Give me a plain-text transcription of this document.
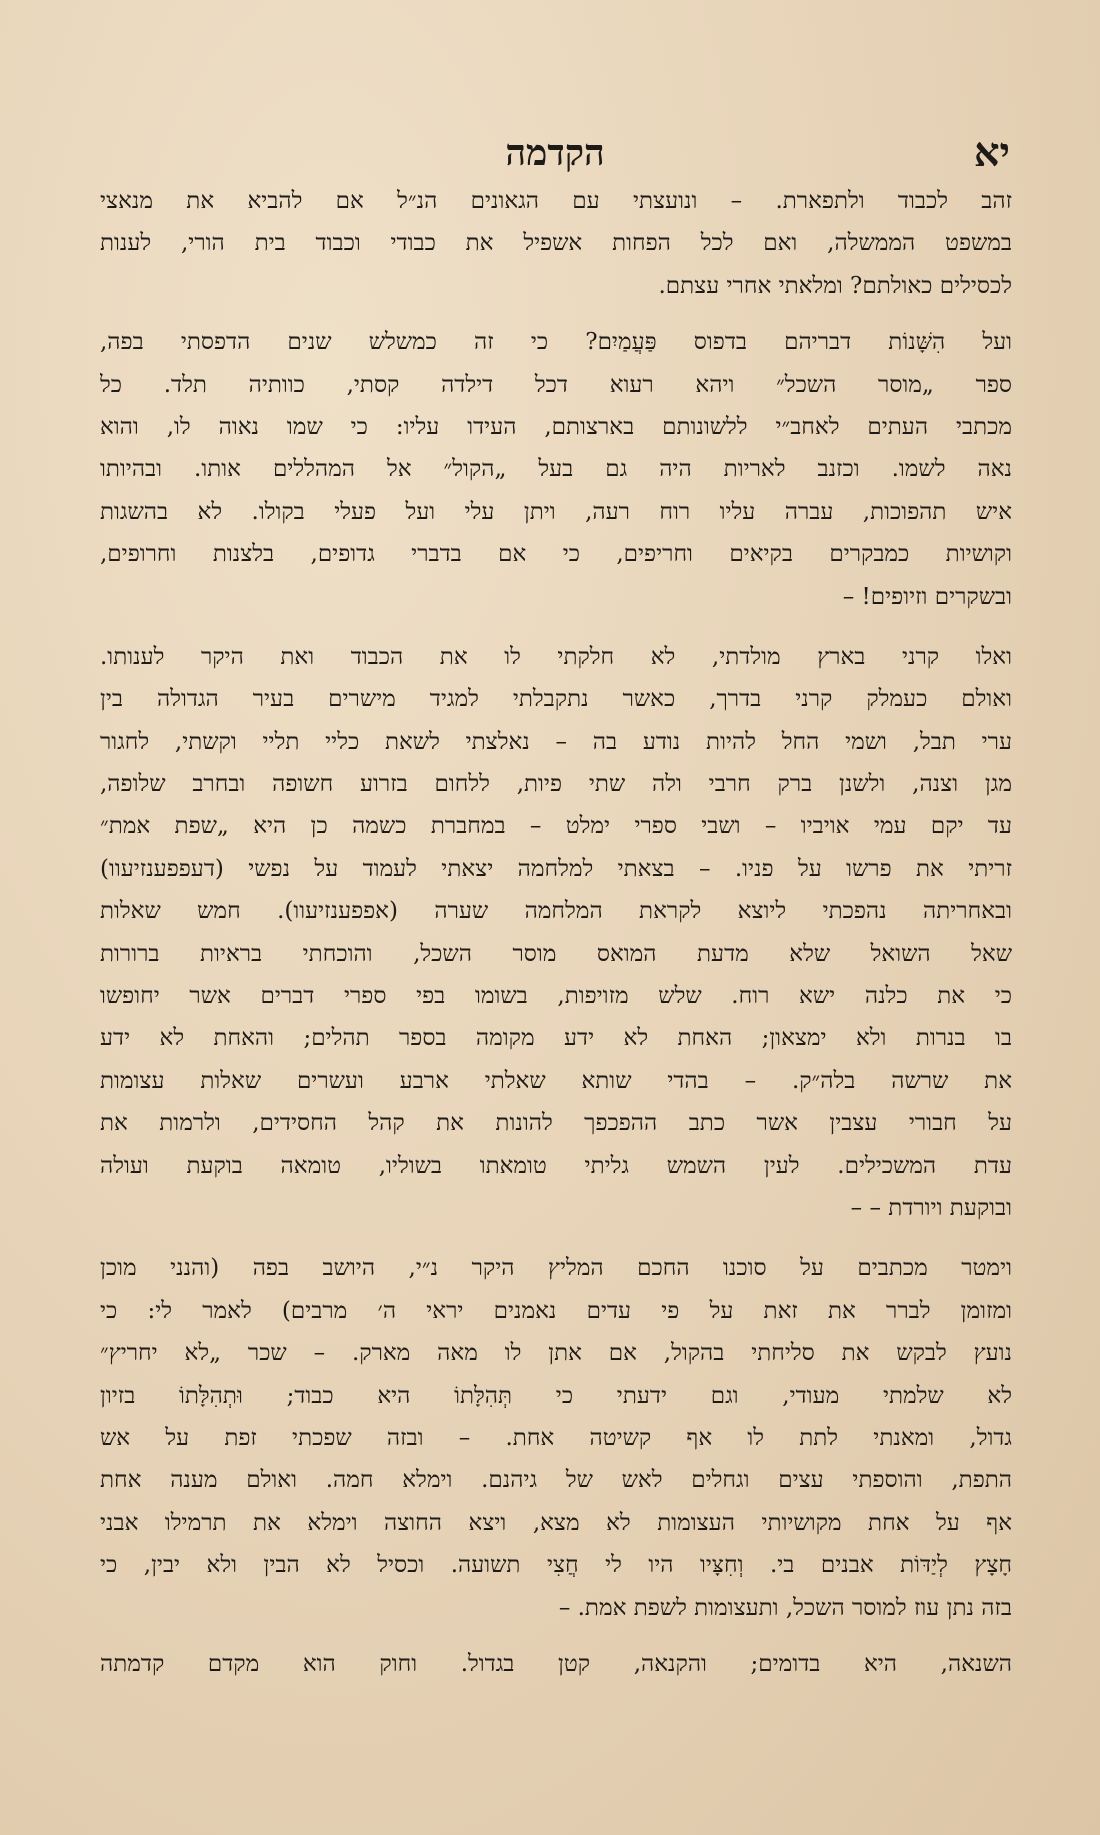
יא
הקדמה
זהב לכבוד ולתפארת. – ונועצתי עם הגאונים הנ״ל אם להביא את מנאצי
במשפט הממשלה, ואם לכל הפחות אשפיל את כבודי וכבוד בית הורי, לענות
לכסילים כאולתם? ומלאתי אחרי עצתם.
ועל הִשָּׁנוֹת דבריהם בדפוס פַּעֲמַיִם? כי זה כמשלש שנים הדפסתי בפה,
ספר „מוסר השכל״ ויהא רעוא דכל דילדה קסתי, כוותיה תלד. כל
מכתבי העתים לאחב״י ללשונותם בארצותם, העידו עליו: כי שמו נאוה לו, והוא
נאה לשמו. וכזנב לאריות היה גם בעל „הקול״ אל המהללים אותו. ובהיותו
איש תהפוכות, עברה עליו רוח רעה, ויתן עלי ועל פעלי בקולו. לא בהשגות
וקושיות כמבקרים בקיאים וחריפים, כי אם בדברי גדופים, בלצנות וחרופים,
ובשקרים וזיופים! –
ואלו קרני בארץ מולדתי, לא חלקתי לו את הכבוד ואת היקר לענותו.
ואולם כעמלק קרני בדרך, כאשר נתקבלתי למגיד מישרים בעיר הגדולה בין
ערי תבל, ושמי החל להיות נודע בה – נאלצתי לשאת כליי תליי וקשתי, לחגור
מגן וצנה, ולשנן ברק חרבי ולה שתי פיות, ללחום בזרוע חשופה ובחרב שלופה,
עד יקם עמי אויביו – ושבי ספרי ימלט – במחברת כשמה כן היא „שפת אמת״
זריתי את פרשו על פניו. – בצאתי למלחמה יצאתי לעמוד על נפשי (דעפפענזיעוו)
ובאחריתה נהפכתי ליוצא לקראת המלחמה שערה (אפפענזיעוו). חמש שאלות
שאל השואל שלא מדעת המואס מוסר השכל, והוכחתי בראיות ברורות
כי את כלנה ישא רוח. שלש מזויפות, בשומו בפי ספרי דברים אשר יחופשו
בו בנרות ולא ימצאון; האחת לא ידע מקומה בספר תהלים; והאחת לא ידע
את שרשה בלה״ק. – בהדי שותא שאלתי ארבע ועשרים שאלות עצומות
על חבורי עצבין אשר כתב ההפכפך להונות את קהל החסידים, ולרמות את
עדת המשכילים. לעין השמש גליתי טומאתו בשוליו, טומאה בוקעת ועולה
ובוקעת ויורדת – –
וימטר מכתבים על סוכנו החכם המליץ היקר נ״י, היושב בפה (והנני מוכן
ומזומן לברר את זאת על פי עדים נאמנים יראי ה׳ מרבים) לאמר לי: כי
נועץ לבקש את סליחתי בהקול, אם אתן לו מאה מארק. – שכר „לא יחריץ״
לא שלמתי מעודי, וגם ידעתי כי תְּהִלָּתוֹ היא כבוד; וּתְהִלָּתוֹ בזיון
גדול, ומאנתי לתת לו אף קשיטה אחת. – ובזה שפכתי זפת על אש
התפת, והוספתי עצים וגחלים לאש של גיהנם. וימלא חמה. ואולם מענה אחת
אף על אחת מקושיותי העצומות לא מצא, ויצא החוצה וימלא את תרמילו אבני
חָצָץ לְיַדּוֹת אבנים בי. וְחִצָּיו היו לי חֲצִי תשועה. וכסיל לא הבין ולא יבין, כי
בזה נתן עוז למוסר השכל, ותעצומות לשפת אמת. –
השנאה, היא בדומים; והקנאה, קטן בגדול. וחוק הוא מקדם קדמתה
